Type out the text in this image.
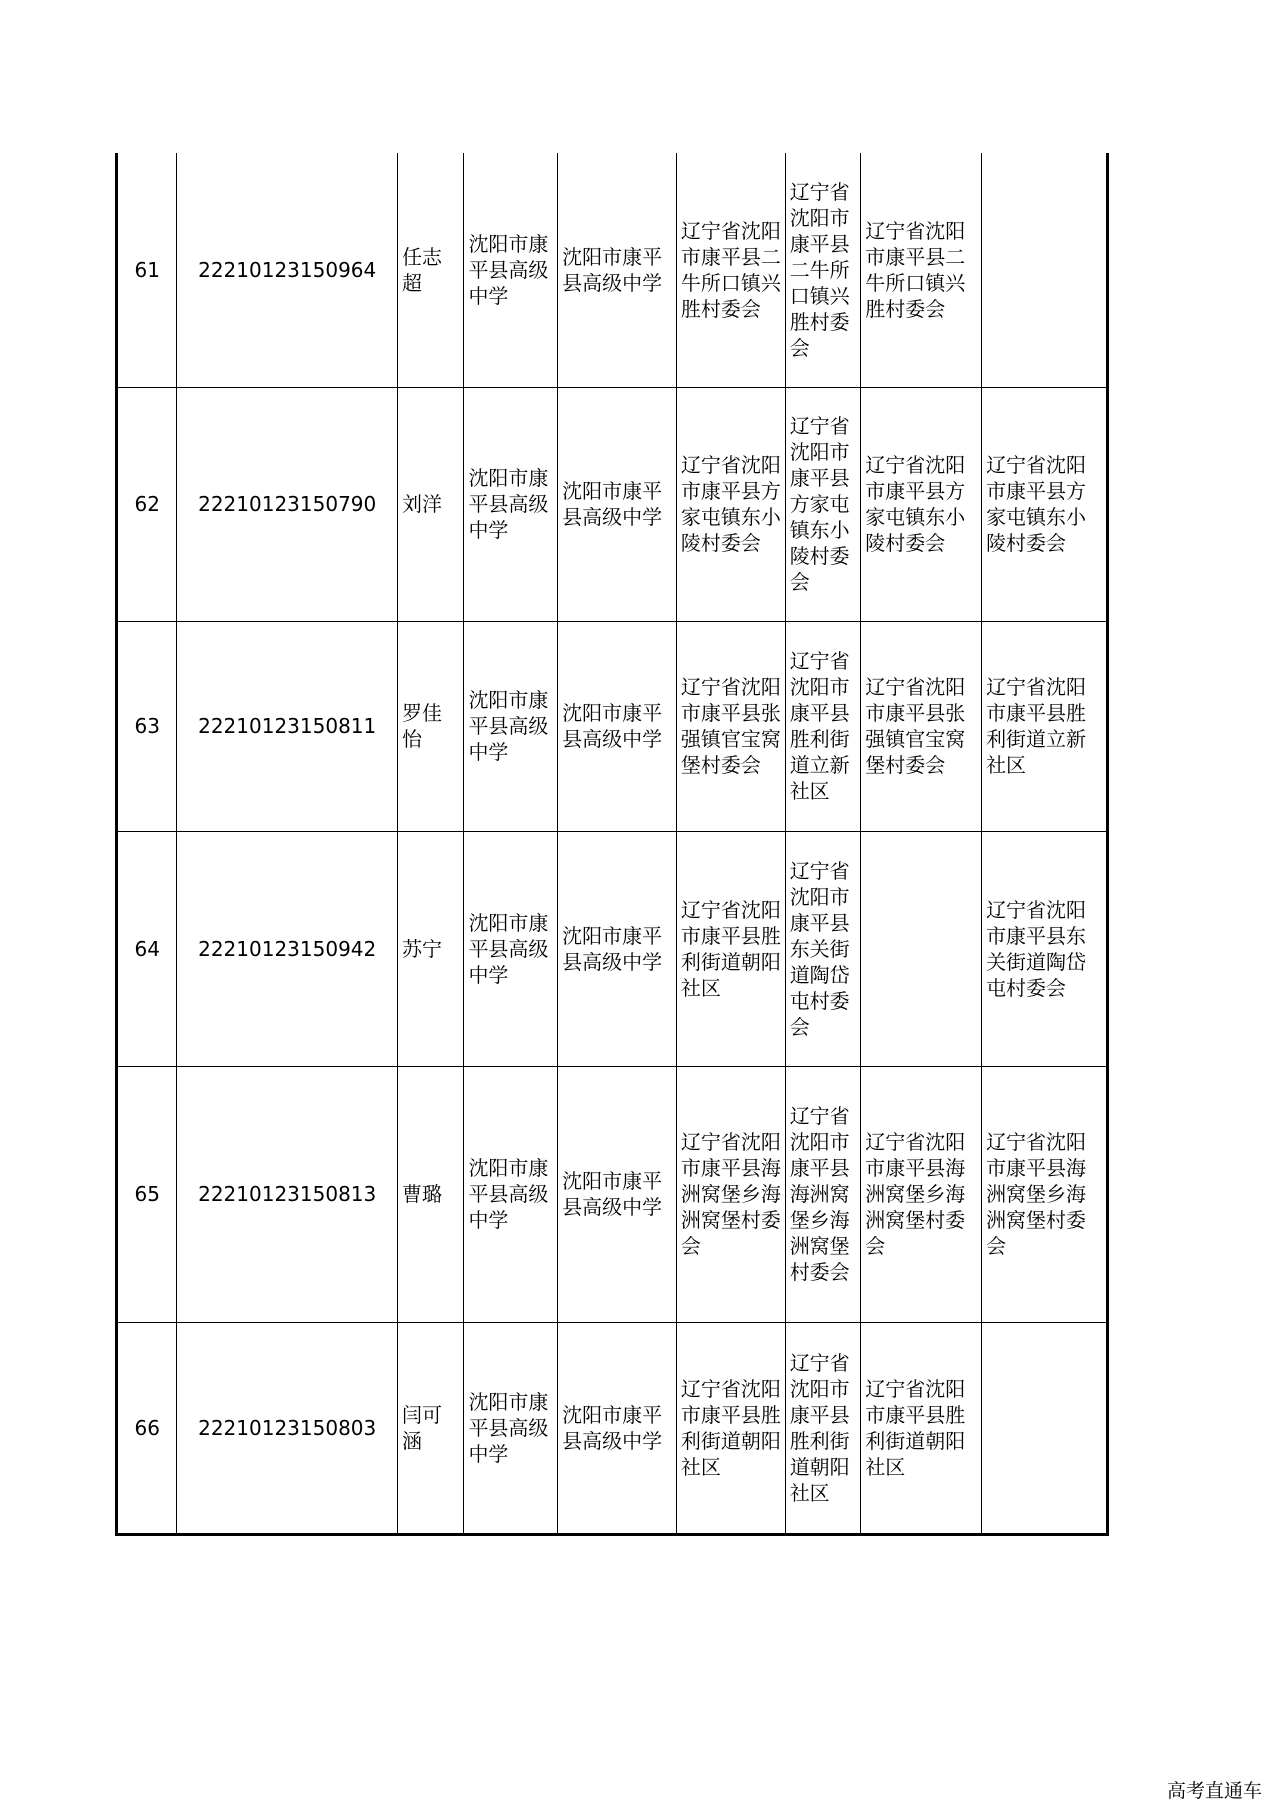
61	22210123150964	任志超	沈阳市康平县高级中学	沈阳市康平县高级中学	辽宁省沈阳市康平县二牛所口镇兴胜村委会	辽宁省沈阳市康平县二牛所口镇兴胜村委会	辽宁省沈阳市康平县二牛所口镇兴胜村委会	
62	22210123150790	刘洋	沈阳市康平县高级中学	沈阳市康平县高级中学	辽宁省沈阳市康平县方家屯镇东小陵村委会	辽宁省沈阳市康平县方家屯镇东小陵村委会	辽宁省沈阳市康平县方家屯镇东小陵村委会	辽宁省沈阳市康平县方家屯镇东小陵村委会
63	22210123150811	罗佳怡	沈阳市康平县高级中学	沈阳市康平县高级中学	辽宁省沈阳市康平县张强镇官宝窝堡村委会	辽宁省沈阳市康平县胜利街道立新社区	辽宁省沈阳市康平县张强镇官宝窝堡村委会	辽宁省沈阳市康平县胜利街道立新社区
64	22210123150942	苏宁	沈阳市康平县高级中学	沈阳市康平县高级中学	辽宁省沈阳市康平县胜利街道朝阳社区	辽宁省沈阳市康平县东关街道陶岱屯村委会		辽宁省沈阳市康平县东关街道陶岱屯村委会
65	22210123150813	曹璐	沈阳市康平县高级中学	沈阳市康平县高级中学	辽宁省沈阳市康平县海洲窝堡乡海洲窝堡村委会	辽宁省沈阳市康平县海洲窝堡乡海洲窝堡村委会	辽宁省沈阳市康平县海洲窝堡乡海洲窝堡村委会	辽宁省沈阳市康平县海洲窝堡乡海洲窝堡村委会
66	22210123150803	闫可涵	沈阳市康平县高级中学	沈阳市康平县高级中学	辽宁省沈阳市康平县胜利街道朝阳社区	辽宁省沈阳市康平县胜利街道朝阳社区	辽宁省沈阳市康平县胜利街道朝阳社区	
高考直通车
